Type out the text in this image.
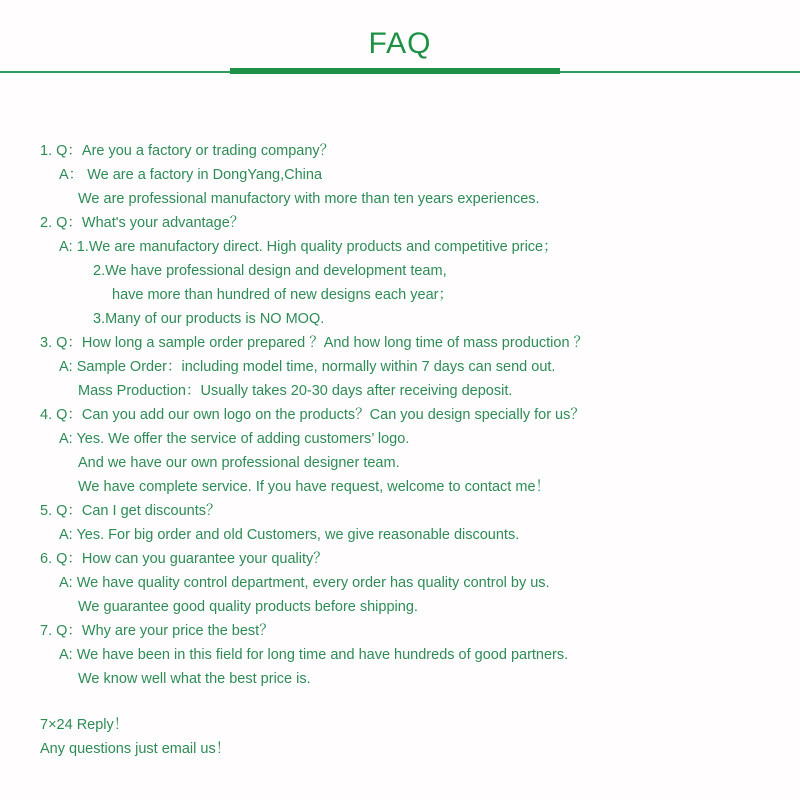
FAQ
1. Q：Are you a factory or trading company？
A： We are a factory in DongYang,China
We are professional manufactory with more than ten years experiences.
2. Q：What's your advantage？
A: 1.We are manufactory direct. High quality products and competitive price；
2.We have professional design and development team,
have more than hundred of new designs each year；
3.Many of our products is NO MOQ.
3. Q：How long a sample order prepared ？And how long time of mass production ？
A: Sample Order：including model time, normally within 7 days can send out.
Mass Production：Usually takes 20-30 days after receiving deposit.
4. Q：Can you add our own logo on the products？Can you design specially for us？
A: Yes. We offer the service of adding customers’ logo.
And we have our own professional designer team.
We have complete service. If you have request, welcome to contact me！
5. Q：Can I get discounts？
A: Yes. For big order and old Customers, we give reasonable discounts.
6. Q：How can you guarantee your quality？
A: We have quality control department, every order has quality control by us.
We guarantee good quality products before shipping.
7. Q：Why are your price the best？
A: We have been in this field for long time and have hundreds of good partners.
We know well what the best price is.
7×24 Reply！
Any questions just email us！
